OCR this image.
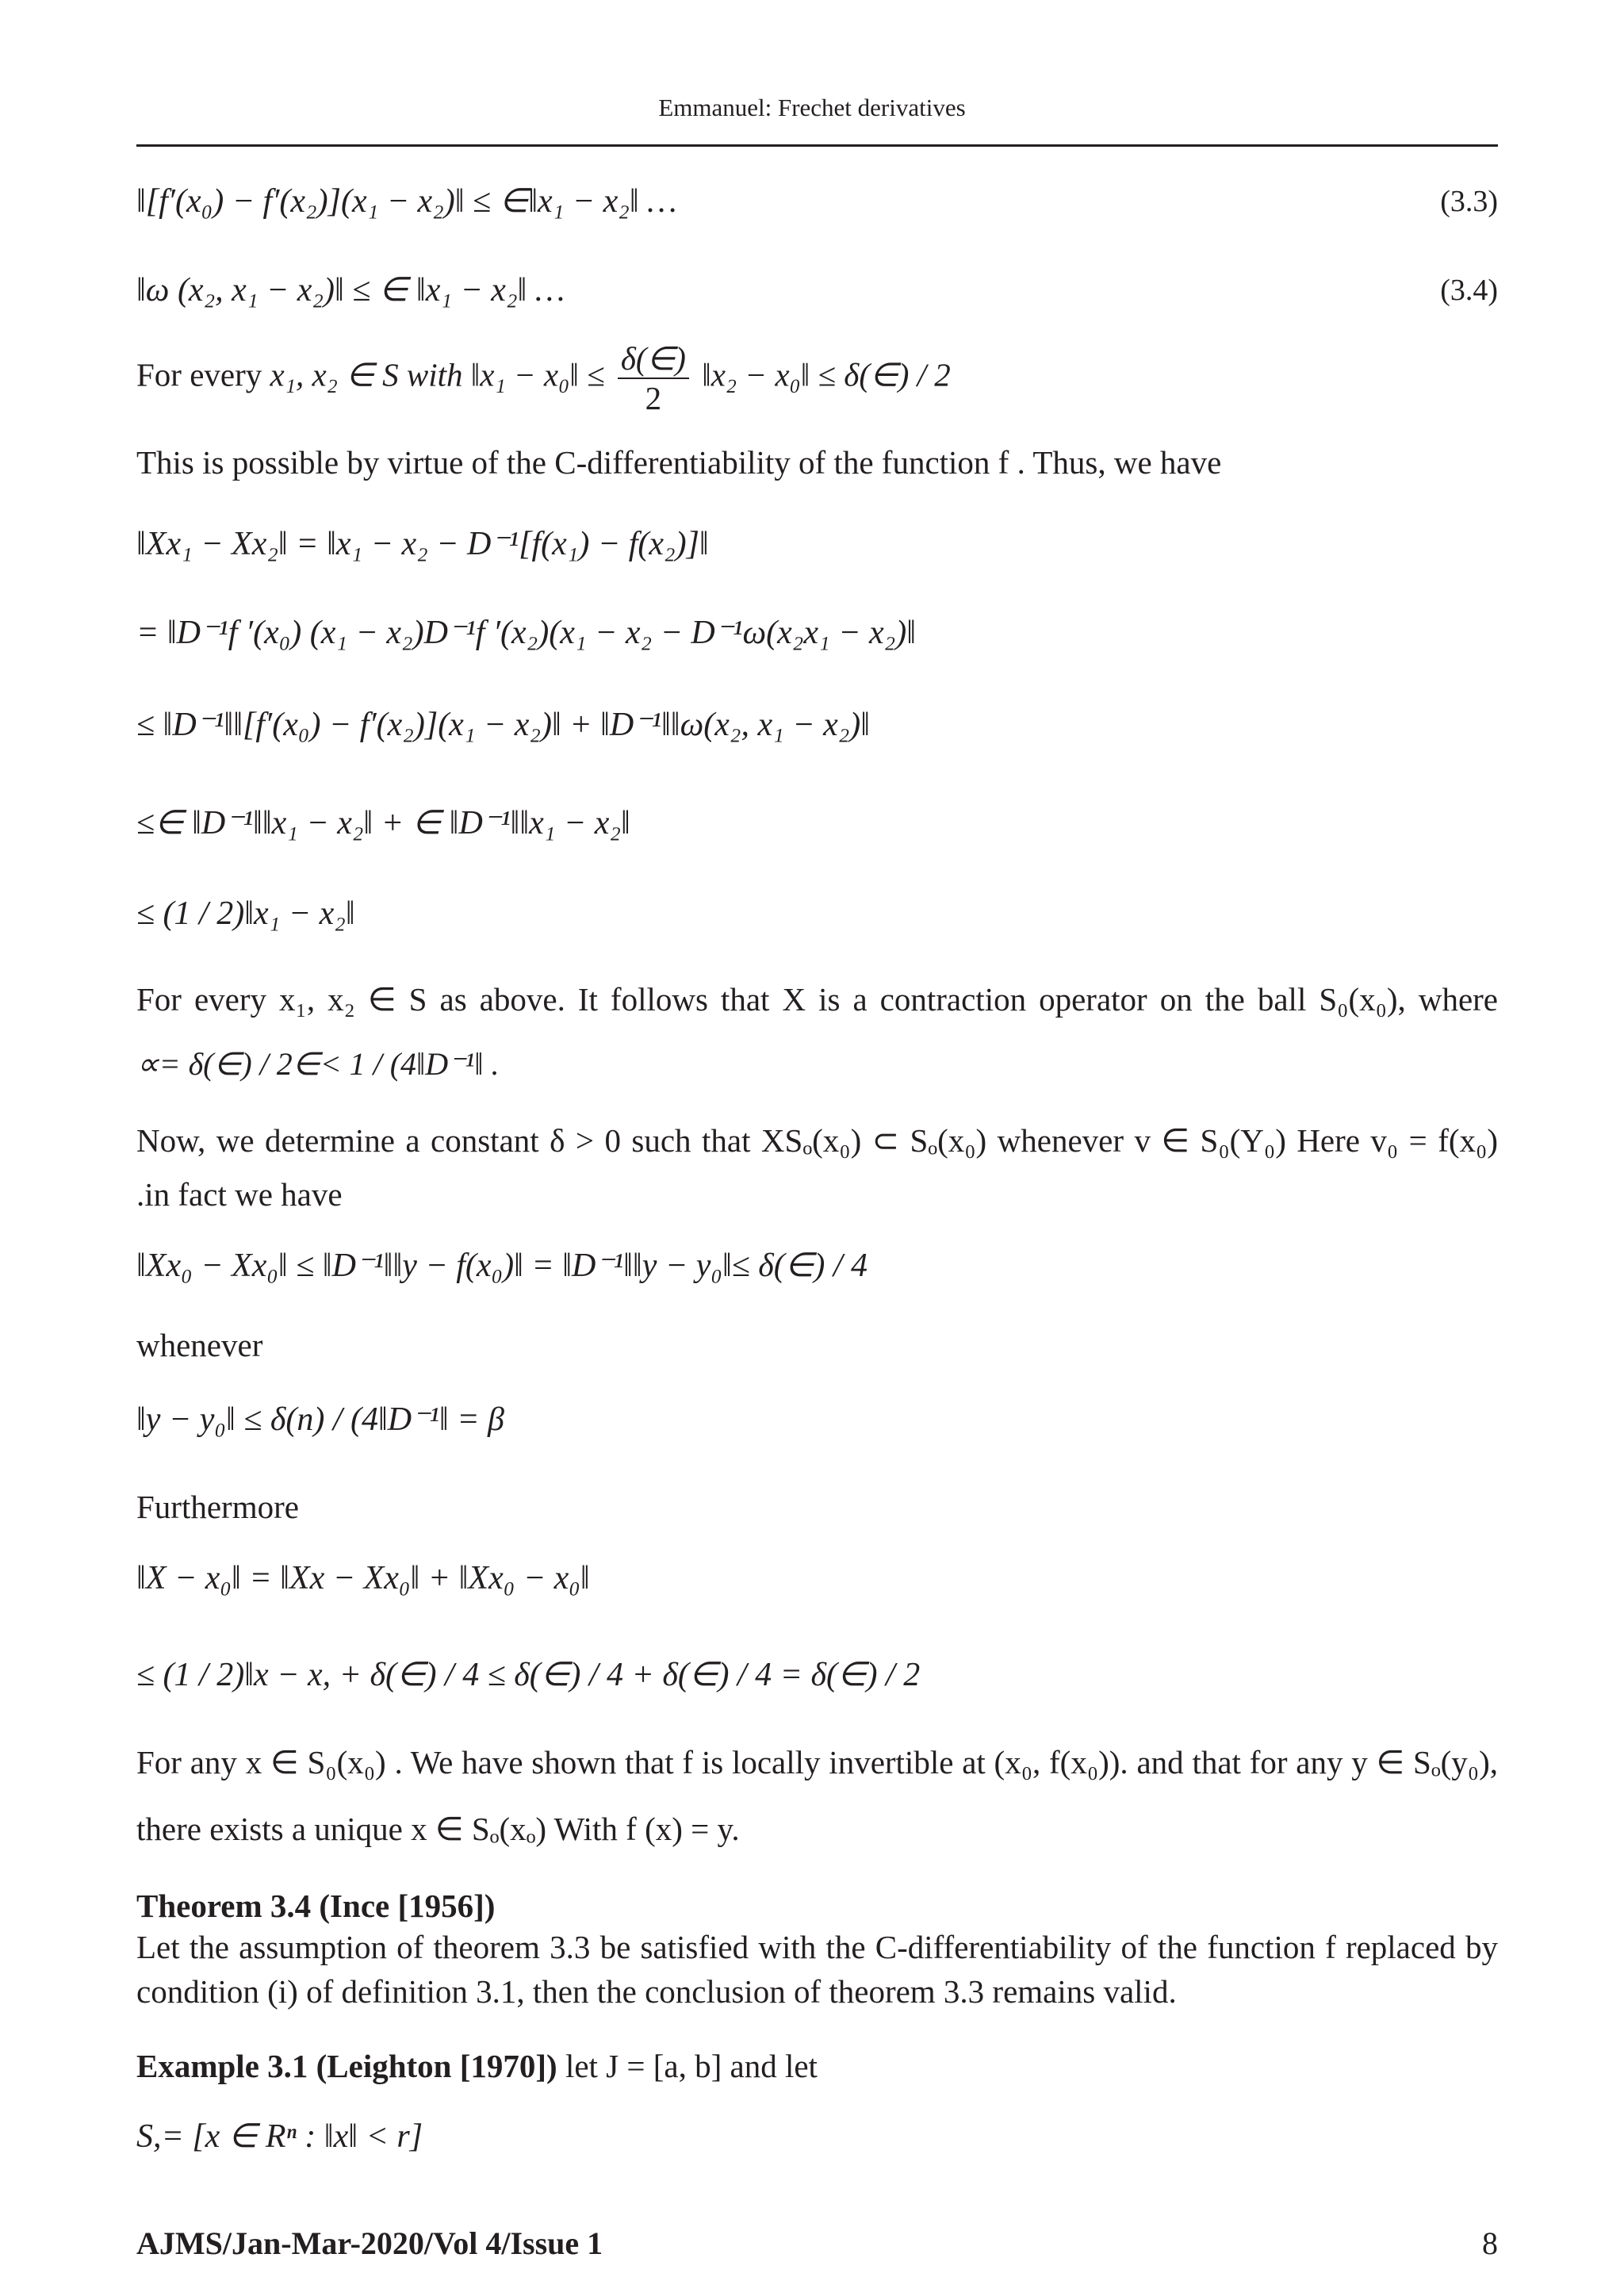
Emmanuel: Frechet derivatives
‖[f′(x₀) − f′(x₂)](x₁ − x₂)‖ ≤ ∈‖x₁ − x₂‖ …	(3.3)
‖ω (x₂, x₁ − x₂)‖ ≤ ∈ ‖x₁ − x₂‖ …	(3.4)
For every x₁, x₂ ∈ S with ‖x₁ − x₀‖ ≤ $\frac{\delta(\in)}{2}$ ‖x₂ − x₀‖ ≤ δ(∈) / 2
This is possible by virtue of the C-differentiability of the function f . Thus, we have
‖Xx₁ − Xx₂‖ = ‖x₁ − x₂ − D⁻¹[f(x₁) − f(x₂)]‖
= ‖D⁻¹f ′(x₀) (x₁ − x₂)D⁻¹f ′(x₂)(x₁ − x₂ − D⁻¹ω(x₂x₁ − x₂)‖
≤ ‖D⁻¹‖‖[f′(x₀) − f′(x₂)](x₁ − x₂)‖ + ‖D⁻¹‖‖ω(x₂, x₁ − x₂)‖
≤∈ ‖D⁻¹‖‖x₁ − x₂‖ + ∈ ‖D⁻¹‖‖x₁ − x₂‖
≤ (1 / 2)‖x₁ − x₂‖
For every x₁, x₂ ∈ S as above. It follows that X is a contraction operator on the ball S₀(x₀), where
∝= δ(∈) / 2∈< 1 / (4‖D⁻¹‖ .
Now, we determine a constant δ > 0 such that XSₒ(x₀) ⊂ Sₒ(x₀) whenever v ∈ S₀(Y₀) Here v₀ = f(x₀)
.in fact we have
‖Xx₀ − Xx₀‖ ≤ ‖D⁻¹‖‖y − f(x₀)‖ = ‖D⁻¹‖‖y − y₀‖≤ δ(∈) / 4
whenever
‖y − y₀‖ ≤ δ(n) / (4‖D⁻¹‖ = β
Furthermore
‖X − x₀‖ = ‖Xx − Xx₀‖ + ‖Xx₀ − x₀‖
≤ (1 / 2)‖x − x, + δ(∈) / 4 ≤ δ(∈) / 4 + δ(∈) / 4 = δ(∈) / 2
For any x ∈ S₀(x₀) . We have shown that f is locally invertible at (x₀, f(x₀)). and that for any y ∈ Sₒ(y₀),
there exists a unique x ∈ Sₒ(xₒ) With f (x) = y.
Theorem 3.4 (Ince [1956])
Let the assumption of theorem 3.3 be satisfied with the C-differentiability of the function f replaced by condition (i) of definition 3.1, then the conclusion of theorem 3.3 remains valid.
Example 3.1 (Leighton [1970]) let J = [a, b] and let
S,= [x ∈ Rⁿ : ‖x‖ < r]
AJMS/Jan-Mar-2020/Vol 4/Issue 1	8
